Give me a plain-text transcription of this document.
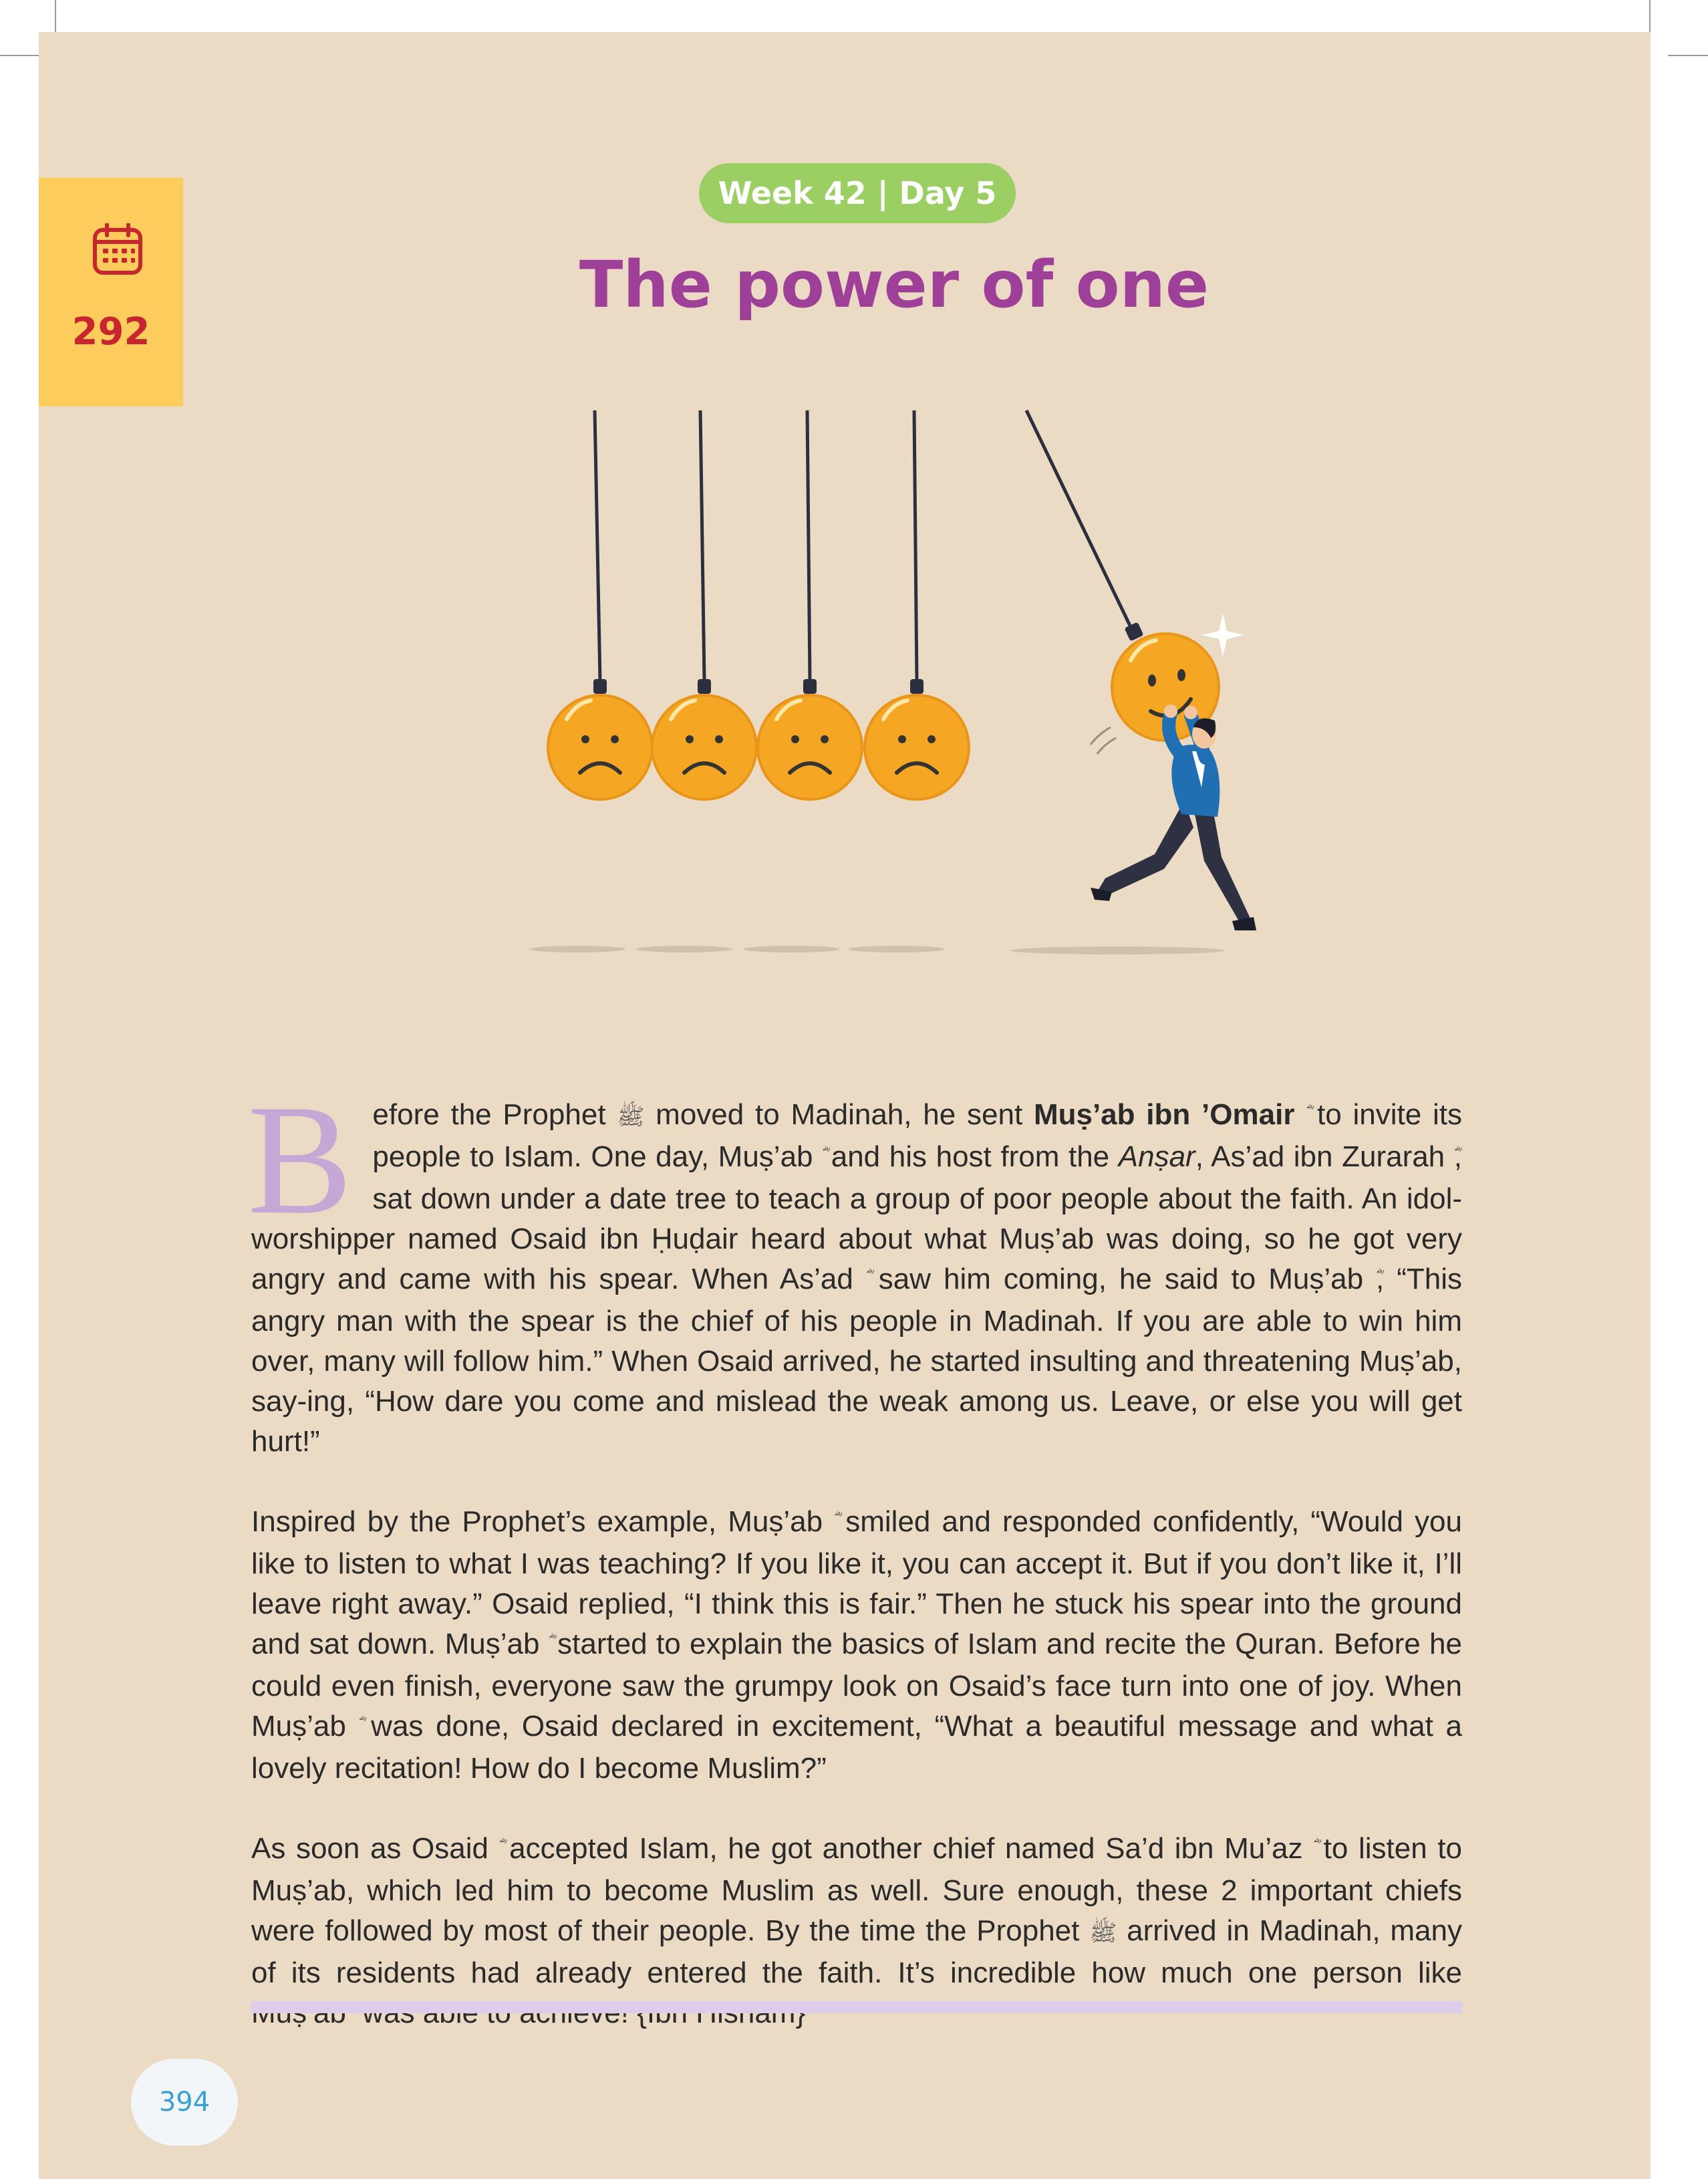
292
Week 42 | Day 5
The power of one

Before the Prophet ﷺ moved to Madinah, he sent Muṣ’ab ibn ’Omair to invite its people to Islam. One day, Muṣ’ab and his host from the Anṣar, As’ad ibn Zurarah , sat down under a date tree to teach a group of poor people about the faith. An idol-worshipper named Osaid ibn Ḥuḍair heard about what Muṣ’ab was doing, so he got very angry and came with his spear. When As’ad saw him coming, he said to Muṣ’ab , “This angry man with the spear is the chief of his people in Madinah. If you are able to win him over, many will follow him.” When Osaid arrived, he started insulting and threatening Muṣ’ab, say-ing, “How dare you come and mislead the weak among us. Leave, or else you will get hurt!”

Inspired by the Prophet’s example, Muṣ’ab smiled and responded confidently, “Would you like to listen to what I was teaching? If you like it, you can accept it. But if you don’t like it, I’ll leave right away.” Osaid replied, “I think this is fair.” Then he stuck his spear into the ground and sat down. Muṣ’ab started to explain the basics of Islam and recite the Quran. Before he could even finish, everyone saw the grumpy look on Osaid’s face turn into one of joy. When Muṣ’ab was done, Osaid declared in excitement, “What a beautiful message and what a lovely recitation! How do I become Muslim?”

As soon as Osaid accepted Islam, he got another chief named Sa’d ibn Mu’az to listen to Muṣ’ab, which led him to become Muslim as well. Sure enough, these 2 important chiefs were followed by most of their people. By the time the Prophet ﷺ arrived in Madinah, many of its residents had already entered the faith. It’s incredible how much one person like

394
